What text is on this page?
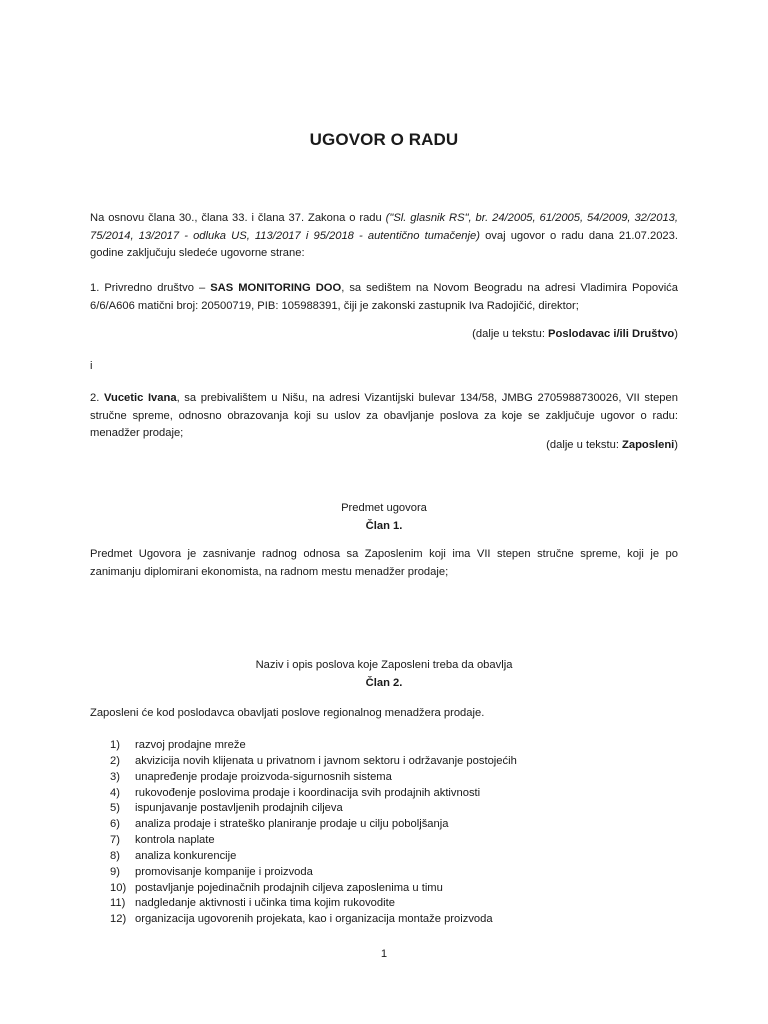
UGOVOR O RADU
Na osnovu člana 30., člana 33. i člana 37. Zakona o radu ("Sl. glasnik RS", br. 24/2005, 61/2005, 54/2009, 32/2013, 75/2014, 13/2017 - odluka US, 113/2017 i 95/2018 - autentično tumačenje) ovaj ugovor o radu dana 21.07.2023. godine zaključuju sledeće ugovorne strane:
1. Privredno društvo – SAS MONITORING DOO, sa sedištem na Novom Beogradu na adresi Vladimira Popovića 6/6/A606 matični broj: 20500719, PIB: 105988391, čiji je zakonski zastupnik Iva Radojičić, direktor;
(dalje u tekstu: Poslodavac i/ili Društvo)
i
2. Vucetic Ivana, sa prebivalištem u Nišu, na adresi Vizantijski bulevar 134/58, JMBG 2705988730026, VII stepen stručne spreme, odnosno obrazovanja koji su uslov za obavljanje poslova za koje se zaključuje ugovor o radu: menadžer prodaje;
(dalje u tekstu: Zaposleni)
Predmet ugovora
Član 1.
Predmet Ugovora je zasnivanje radnog odnosa sa Zaposlenim koji ima VII stepen stručne spreme, koji je po zanimanju diplomirani ekonomista, na radnom mestu menadžer prodaje;
Naziv i opis poslova koje Zaposleni treba da obavlja
Član 2.
Zaposleni će kod poslodavca obavljati poslove regionalnog menadžera prodaje.
1)	razvoj prodajne mreže
2)	akvizicija novih klijenata u privatnom i javnom sektoru i održavanje postojećih
3)	unapređenje prodaje proizvoda-sigurnosnih sistema
4)	rukovođenje poslovima prodaje i koordinacija svih prodajnih aktivnosti
5)	ispunjavanje postavljenih prodajnih ciljeva
6)	analiza prodaje i strateško planiranje prodaje u cilju poboljšanja
7)	kontrola naplate
8)	analiza konkurencije
9)	promovisanje kompanije i proizvoda
10) postavljanje pojedinačnih prodajnih ciljeva zaposlenima u timu
11) nadgledanje aktivnosti i učinka tima kojim rukovodite
12) organizacija ugovorenih projekata, kao i organizacija montaže proizvoda
1
